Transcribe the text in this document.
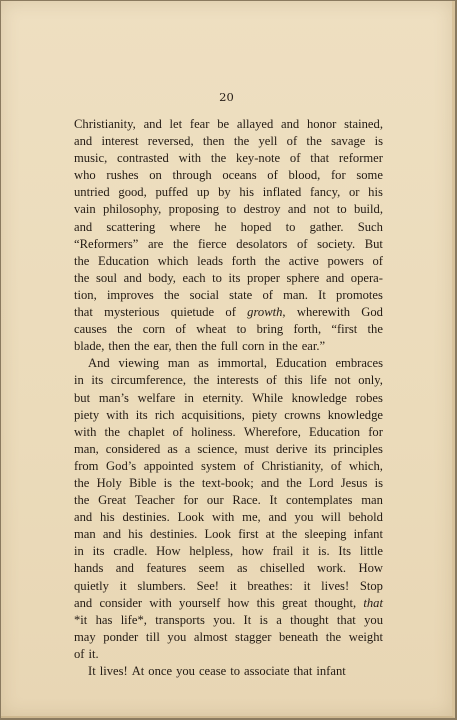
20
Christianity, and let fear be allayed and honor stained,
and interest reversed, then the yell of the savage is
music, contrasted with the key-note of that reformer
who rushes on through oceans of blood, for some
untried good, puffed up by his inflated fancy, or his
vain philosophy, proposing to destroy and not to build,
and scattering where he hoped to gather. Such
“Reformers” are the fierce desolators of society. But
the Education which leads forth the active powers of
the soul and body, each to its proper sphere and opera-
tion, improves the social state of man. It promotes
that mysterious quietude of growth, wherewith God
causes the corn of wheat to bring forth, “first the
blade, then the ear, then the full corn in the ear.”
And viewing man as immortal, Education embraces
in its circumference, the interests of this life not only,
but man’s welfare in eternity. While knowledge robes
piety with its rich acquisitions, piety crowns knowledge
with the chaplet of holiness. Wherefore, Education for
man, considered as a science, must derive its principles
from God’s appointed system of Christianity, of which,
the Holy Bible is the text-book; and the Lord Jesus is
the Great Teacher for our Race. It contemplates man
and his destinies. Look with me, and you will behold
man and his destinies. Look first at the sleeping infant
in its cradle. How helpless, how frail it is. Its little
hands and features seem as chiselled work. How
quietly it slumbers. See! it breathes: it lives! Stop
and consider with yourself how this great thought, that
*it has life*, transports you. It is a thought that you
may ponder till you almost stagger beneath the weight
of it.
It lives! At once you cease to associate that infant
